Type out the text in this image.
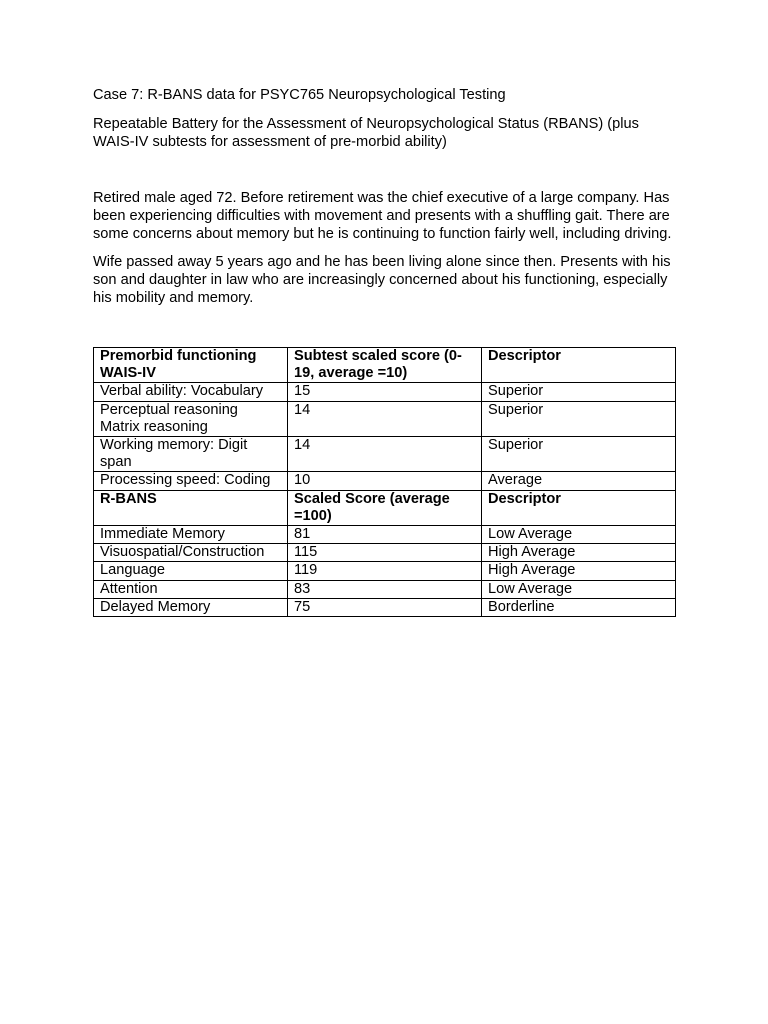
Case 7: R-BANS data for PSYC765 Neuropsychological Testing

Repeatable Battery for the Assessment of Neuropsychological Status (RBANS) (plus WAIS-IV subtests for assessment of pre-morbid ability)

Retired male aged 72. Before retirement was the chief executive of a large company. Has been experiencing difficulties with movement and presents with a shuffling gait. There are some concerns about memory but he is continuing to function fairly well, including driving.

Wife passed away 5 years ago and he has been living alone since then. Presents with his son and daughter in law who are increasingly concerned about his functioning, especially his mobility and memory.

Premorbid functioning WAIS-IV	Subtest scaled score (0-19, average =10)	Descriptor
Verbal ability: Vocabulary	15	Superior
Perceptual reasoning Matrix reasoning	14	Superior
Working memory: Digit span	14	Superior
Processing speed: Coding	10	Average
R-BANS	Scaled Score (average =100)	Descriptor
Immediate Memory	81	Low Average
Visuospatial/Construction	115	High Average
Language	119	High Average
Attention	83	Low Average
Delayed Memory	75	Borderline
